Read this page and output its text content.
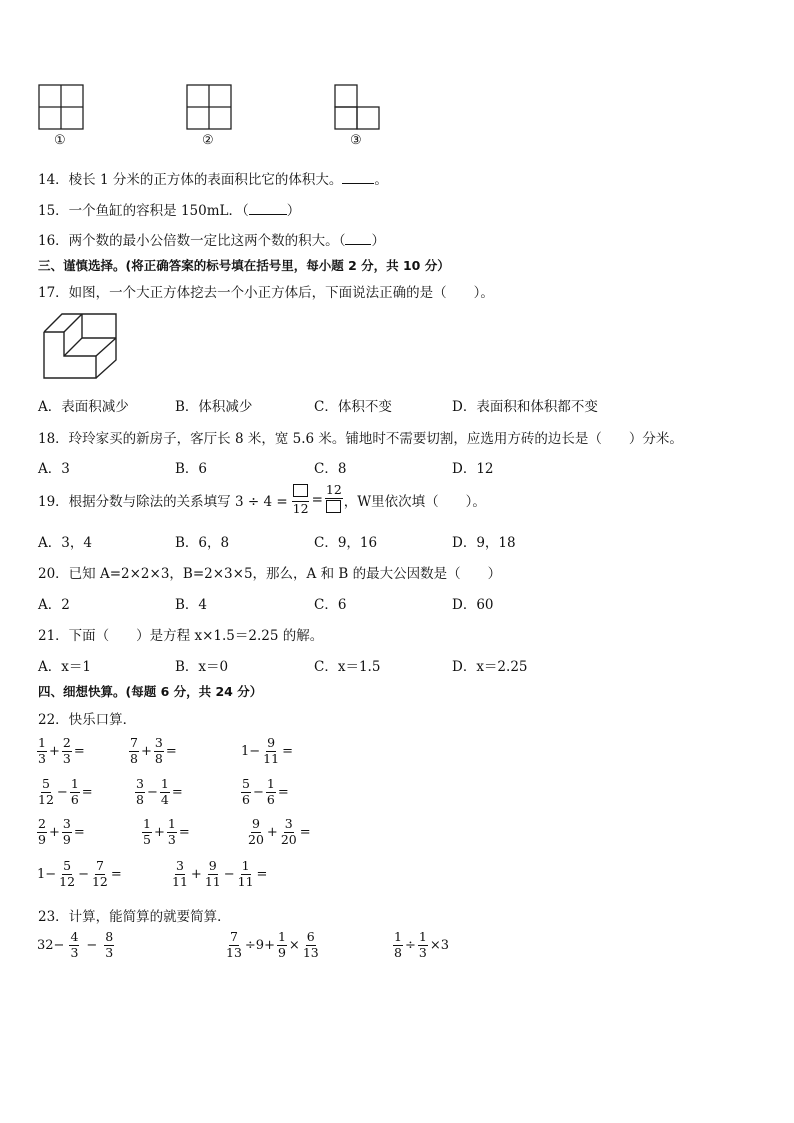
①	②	③
14．棱长 1 分米的正方体的表面积比它的体积大。 。
15．一个鱼缸的容积是 150mL．（	）
16．两个数的最小公倍数一定比这两个数的积大。（ ）
三、谨慎选择。(将正确答案的标号填在括号里，每小题 2 分，共 10 分）
17．如图，一个大正方体挖去一个小正方体后，下面说法正确的是（　　）。
A．表面积减少	B．体积减少	C．体积不变	D．表面积和体积都不变
18．玲玲家买的新房子，客厅长 8 米，宽 5.6 米。铺地时不需要切割，应选用方砖的边长是（　　）分米。
A．3	B．6	C．8	D．12
19．根据分数与除法的关系填写 3 ÷ 4 = 12
=
12
，W里依次填（　　）。
A．3，4	B．6，8	C．9，16	D．9，18
20．已知 A=2×2×3，B=2×3×5，那么，A 和 B 的最大公因数是（　　）
A．2	B．4	C．6	D．60
21．下面（　　）是方程 x×1.5＝2.25 的解。
A．x＝1	B．x＝0	C．x＝1.5	D．x＝2.25
四、细想快算。(每题 6 分，共 24 分）
22．快乐口算．
$\frac{1}{3} + \frac{2}{3}$ =	$\frac{7}{8} + \frac{3}{8}$ =	$1- \frac{9}{11}$ =
$\frac{5}{12} - \frac{1}{6}$ =	$\frac{3}{8} - \frac{1}{4}$ =	$\frac{5}{6} - \frac{1}{6}$ =
$\frac{2}{9} + \frac{3}{9}$ =	$\frac{1}{5} + \frac{1}{3}$ =	$\frac{9}{20} + \frac{3}{20}$ =
$1- \frac{5}{12} - \frac{7}{12}$ =	$\frac{3}{11} + \frac{9}{11} - \frac{1}{11}$ =
23．计算，能简算的就要简算．
$32- \frac{4}{3} - \frac{8}{3}$	$\frac{7}{13} \div 9+ \frac{1}{9} \times \frac{6}{13}$	$\frac{1}{8} \div \frac{1}{3} \times 3$
